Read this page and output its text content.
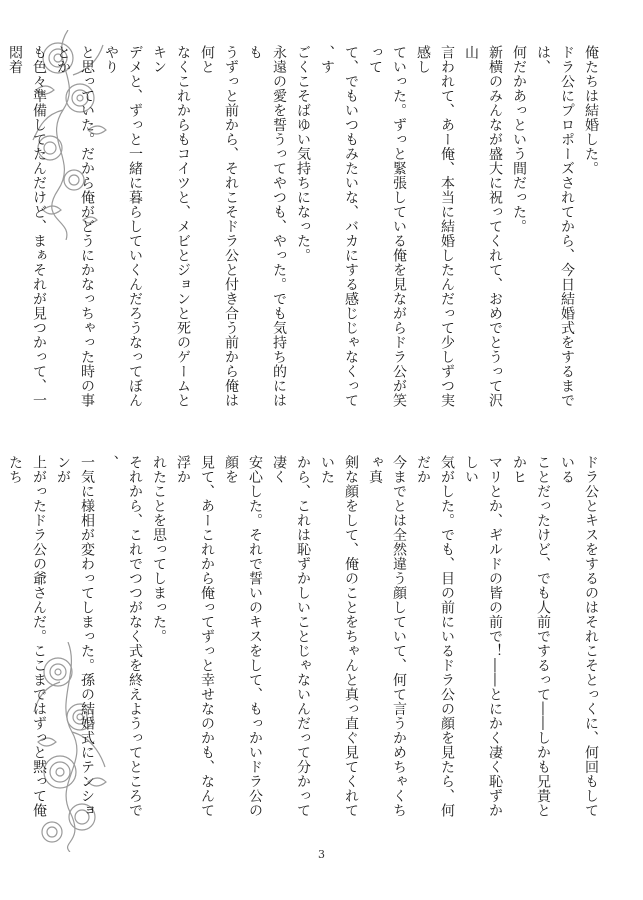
俺たちは結婚した。
ドラ公にプロポーズされてから、今日結婚式をするまでは、
何だかあっという間だった。
新横のみんなが盛大に祝ってくれて、おめでとうって沢山
言われて、あー俺、本当に結婚したんだって少しずつ実感し
ていった。ずっと緊張している俺を見ながらドラ公が笑って
て、でもいつもみたいな、バカにする感じじゃなくって、す
ごくこそばゆい気持ちになった。
永遠の愛を誓うってやつも、やった。でも気持ち的にはも
うずっと前から、それこそドラ公と付き合う前から俺は何と
なくこれからもコイツと、メビとジョンと死のゲームとキン
デメと、ずっと一緒に暮らしていくんだろうなってぼんやり
と思っていた。だから俺がどうにかなっちゃった時の事とか
も色々準備してたんだけど、まぁそれが見つかって、一悶着
ドラ公とキスをするのはそれこそとっくに、何回もしている
ことだったけど、でも人前でするって――しかも兄貴とかヒ
マリとか、ギルドの皆の前で！――とにかく凄く恥ずかしい
気がした。でも、目の前にいるドラ公の顔を見たら、何だか
今までとは全然違う顔していて、何て言うかめちゃくちゃ真
剣な顔をして、俺のことをちゃんと真っ直ぐ見てくれていた
から、これは恥ずかしいことじゃないんだって分かって凄く
安心した。それで誓いのキスをして、もっかいドラ公の顔を
見て、あーこれから俺ってずっと幸せなのかも、なんて浮か
れたことを思ってしまった。
それから、これでつつがなく式を終えようってところで、
一気に様相が変わってしまった。孫の結婚式にテンションが
上がったドラ公の爺さんだ。ここまではずっと黙って俺たち
3
